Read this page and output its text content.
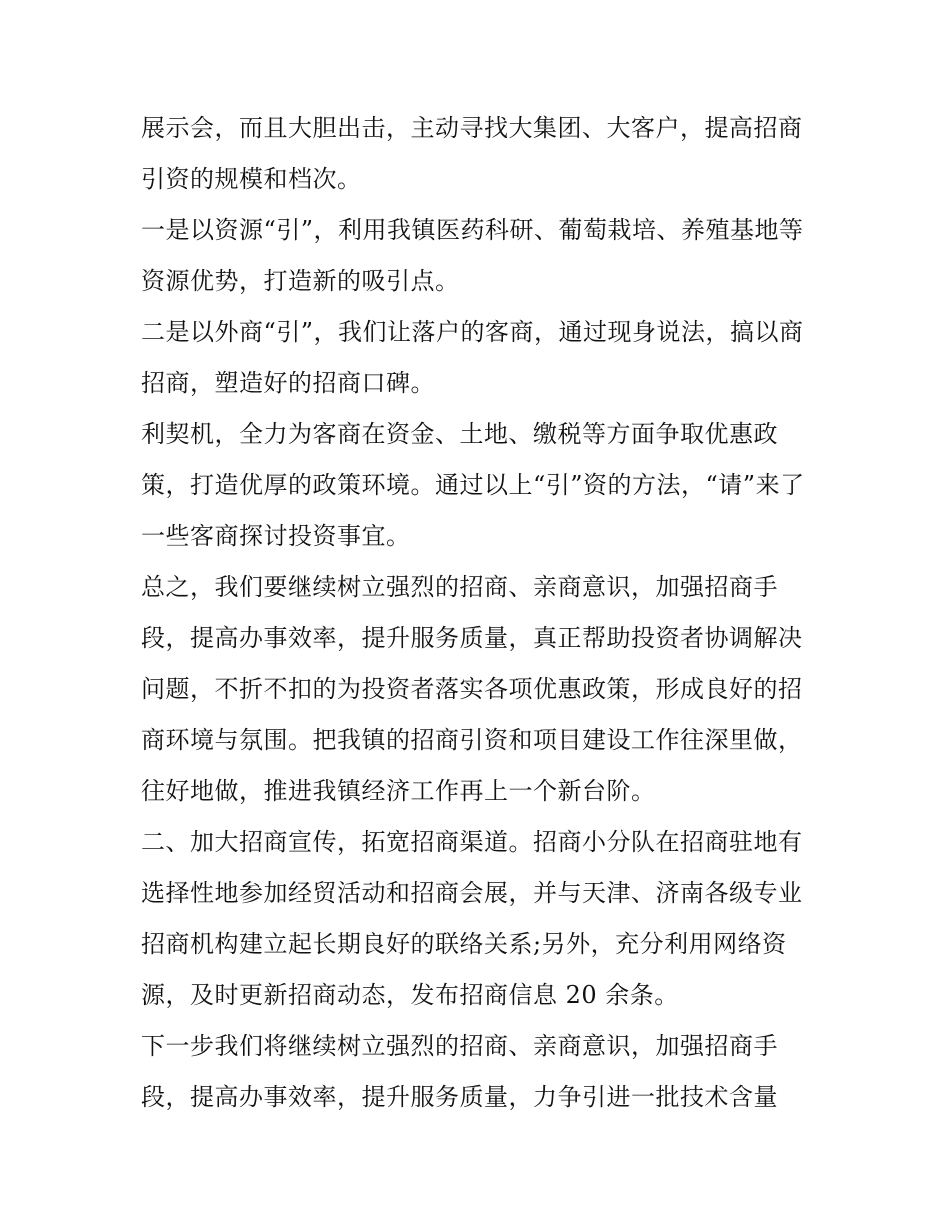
展示会，而且大胆出击，主动寻找大集团、大客户，提高招商
引资的规模和档次。

一是以资源“引”，利用我镇医药科研、葡萄栽培、养殖基地等
资源优势，打造新的吸引点。

二是以外商“引”，我们让落户的客商，通过现身说法，搞以商
招商，塑造好的招商口碑。

利契机，全力为客商在资金、土地、缴税等方面争取优惠政
策，打造优厚的政策环境。通过以上“引”资的方法，“请”来了
一些客商探讨投资事宜。

总之，我们要继续树立强烈的招商、亲商意识，加强招商手
段，提高办事效率，提升服务质量，真正帮助投资者协调解决
问题，不折不扣的为投资者落实各项优惠政策，形成良好的招
商环境与氛围。把我镇的招商引资和项目建设工作往深里做，
往好地做，推进我镇经济工作再上一个新台阶。

二、加大招商宣传，拓宽招商渠道。招商小分队在招商驻地有
选择性地参加经贸活动和招商会展，并与天津、济南各级专业
招商机构建立起长期良好的联络关系;另外，充分利用网络资
源，及时更新招商动态，发布招商信息 20 余条。

下一步我们将继续树立强烈的招商、亲商意识，加强招商手
段，提高办事效率，提升服务质量，力争引进一批技术含量
